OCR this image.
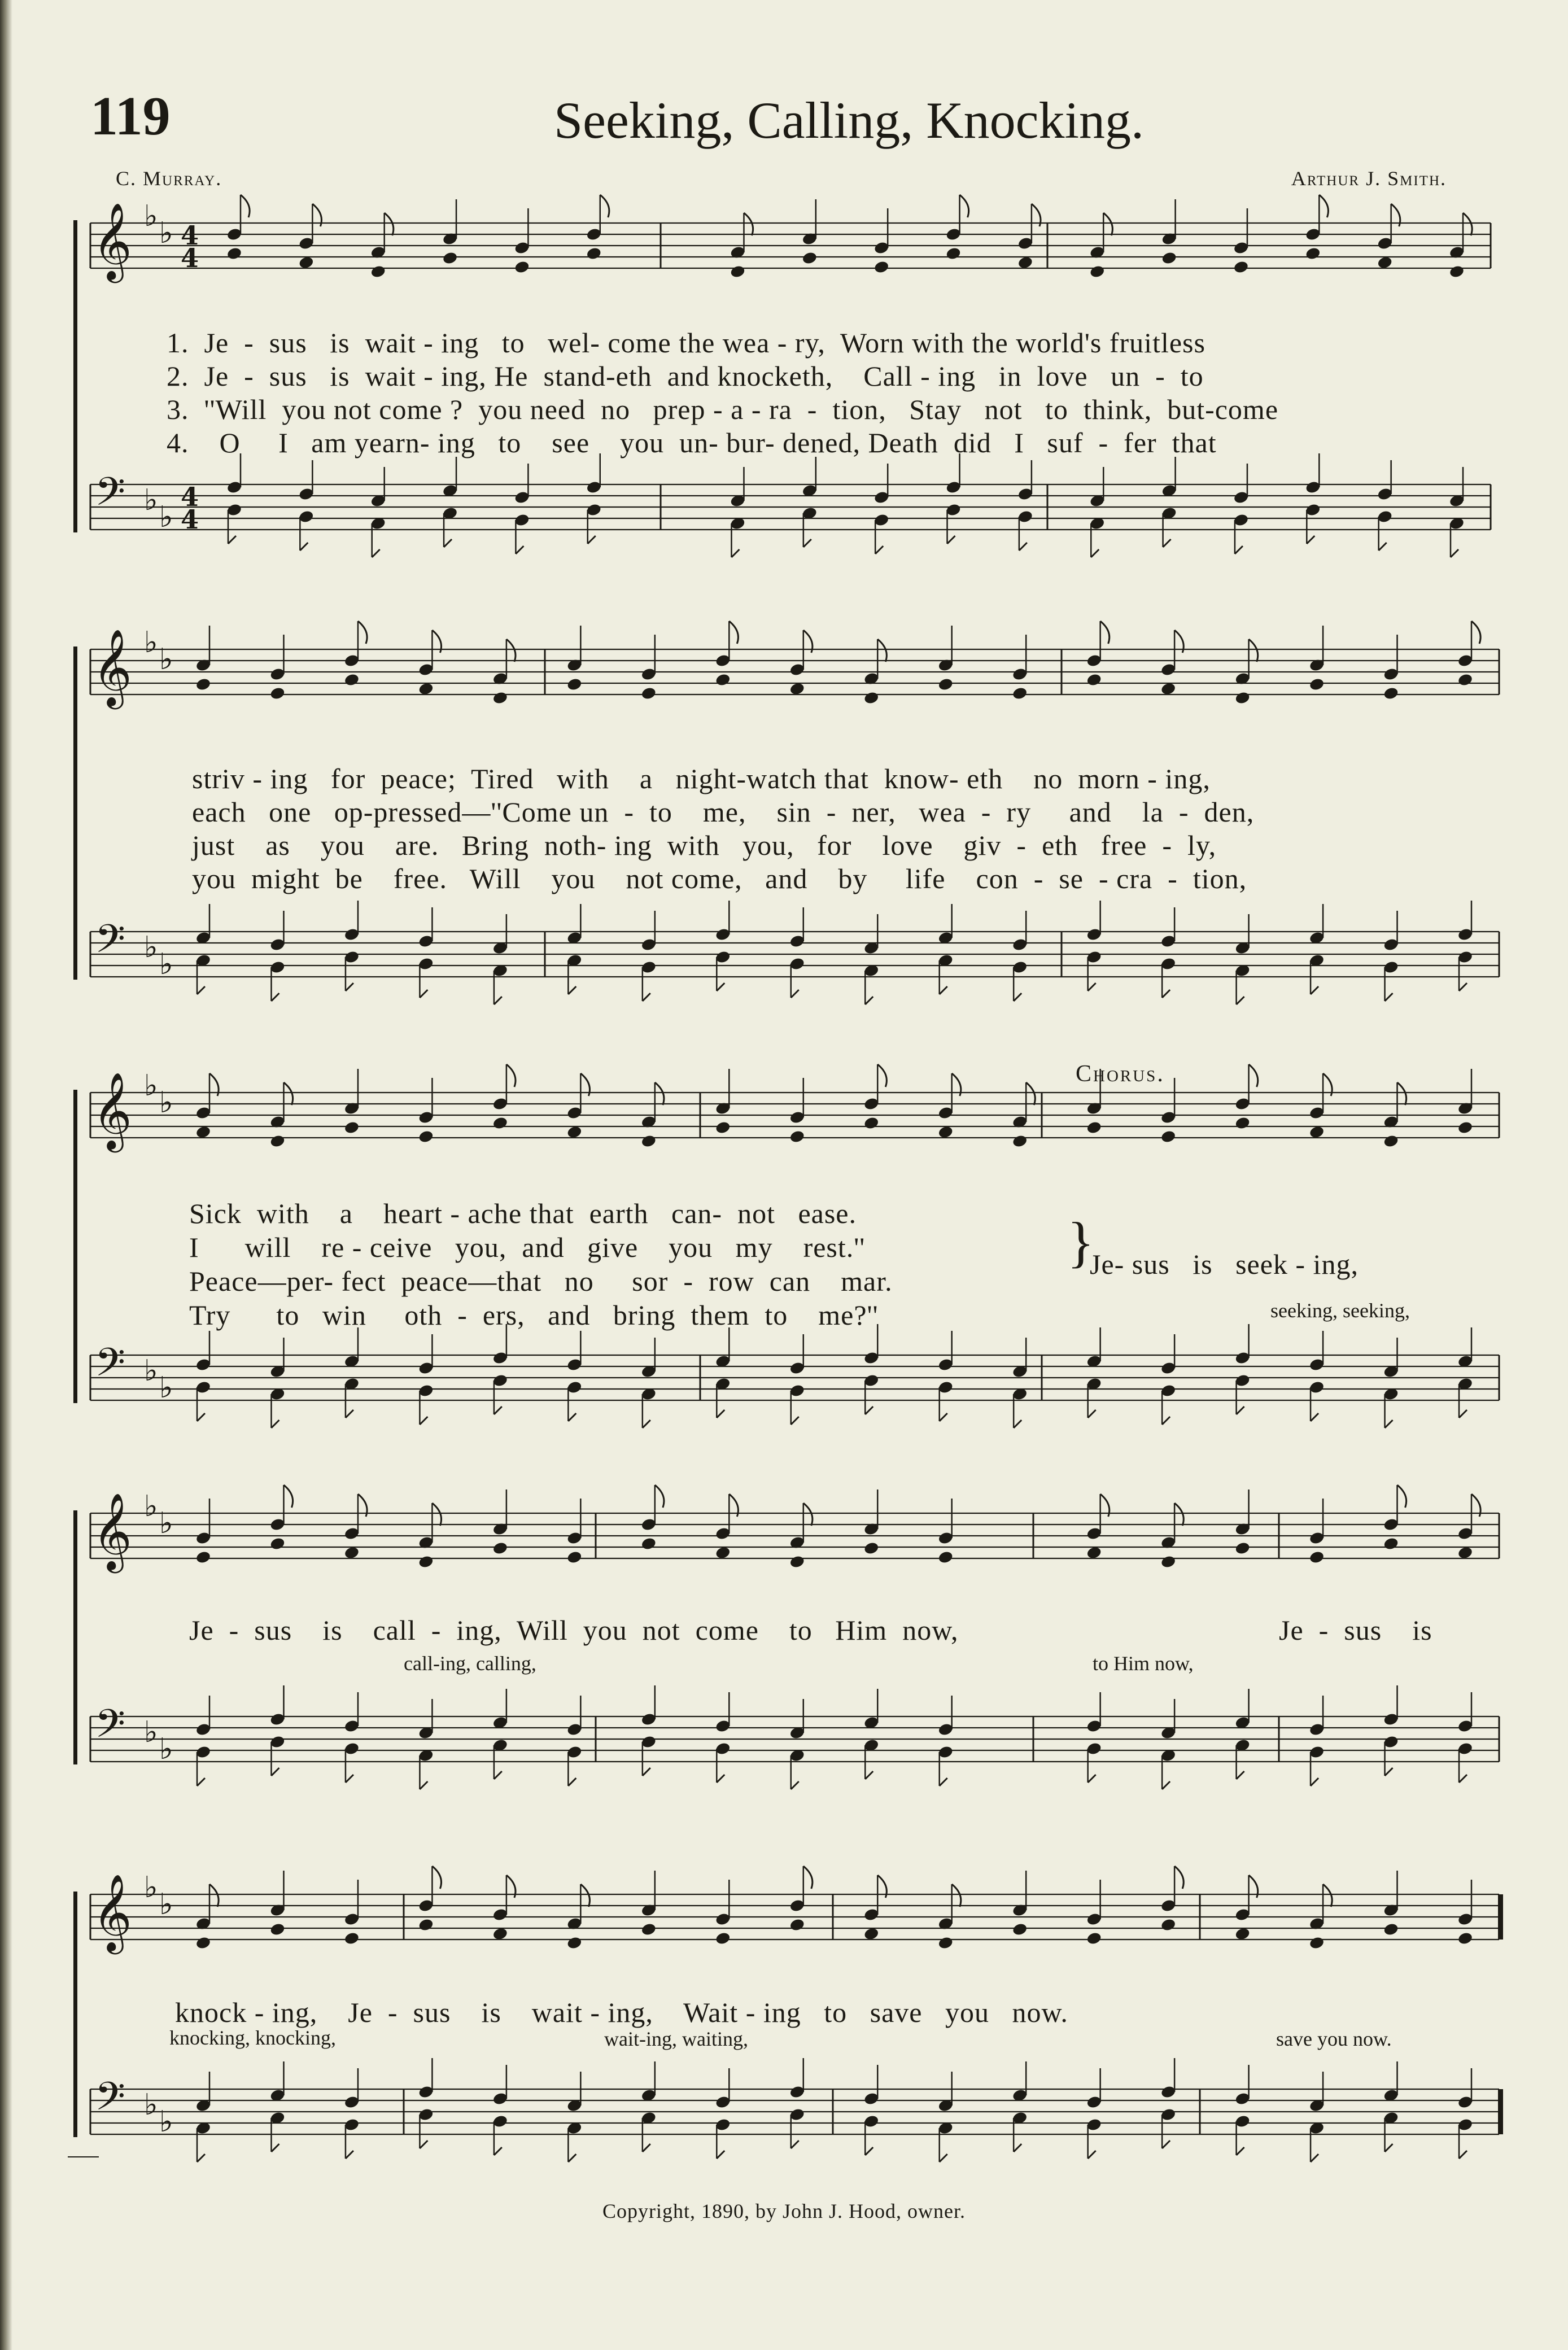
119	Seeking, Calling, Knocking.
C. Murray.	Arthur J. Smith.
𝄞 ♭ ♭ 4
4
𝄢 ♭ ♭
4
4
𝄞 ♭ ♭
𝄢 ♭ ♭
𝄞 ♭ ♭
𝄢 ♭ ♭
𝄞 ♭ ♭
𝄢 ♭ ♭
𝄞 ♭ ♭
𝄢 ♭ ♭
1.  Je  -  sus   is  wait - ing   to   wel- come the wea - ry,  Worn with the world's fruitless
2.  Je  -  sus   is  wait - ing, He  stand-eth  and knocketh,    Call - ing   in  love   un  -  to
3.  ''Will  you not come ?  you need  no   prep - a - ra  -  tion,   Stay   not   to  think,  but-come
4.    O     I   am yearn- ing   to    see    you  un- bur- dened, Death  did   I   suf  -  fer  that
striv - ing   for  peace;  Tired   with    a   night-watch that  know- eth    no  morn - ing,
each   one   op-pressed—''Come un  -  to    me,    sin  -  ner,   wea  -  ry     and    la  -  den,
just    as    you    are.   Bring  noth- ing  with   you,   for    love    giv  -  eth   free  -  ly,
you  might  be    free.   Will    you    not come,   and    by     life    con  -  se  - cra  -  tion,
Chorus.
Sick  with    a    heart - ache that  earth   can-  not   ease.
I      will    re - ceive   you,  and   give    you   my    rest.''
Peace—per- fect  peace—that   no     sor  -  row  can    mar.
Try      to   win     oth  -  ers,   and   bring  them  to    me?''
}
Je- sus   is   seek - ing,
seeking, seeking,
Je  -  sus    is    call  -  ing,  Will  you  not  come    to   Him  now,	Je  -  sus    is
call-ing, calling,	to Him now,
knock - ing,    Je  -  sus    is    wait - ing,    Wait - ing   to   save   you   now.
knocking, knocking,	wait-ing, waiting,	save you now.
Copyright, 1890, by John J. Hood, owner.
